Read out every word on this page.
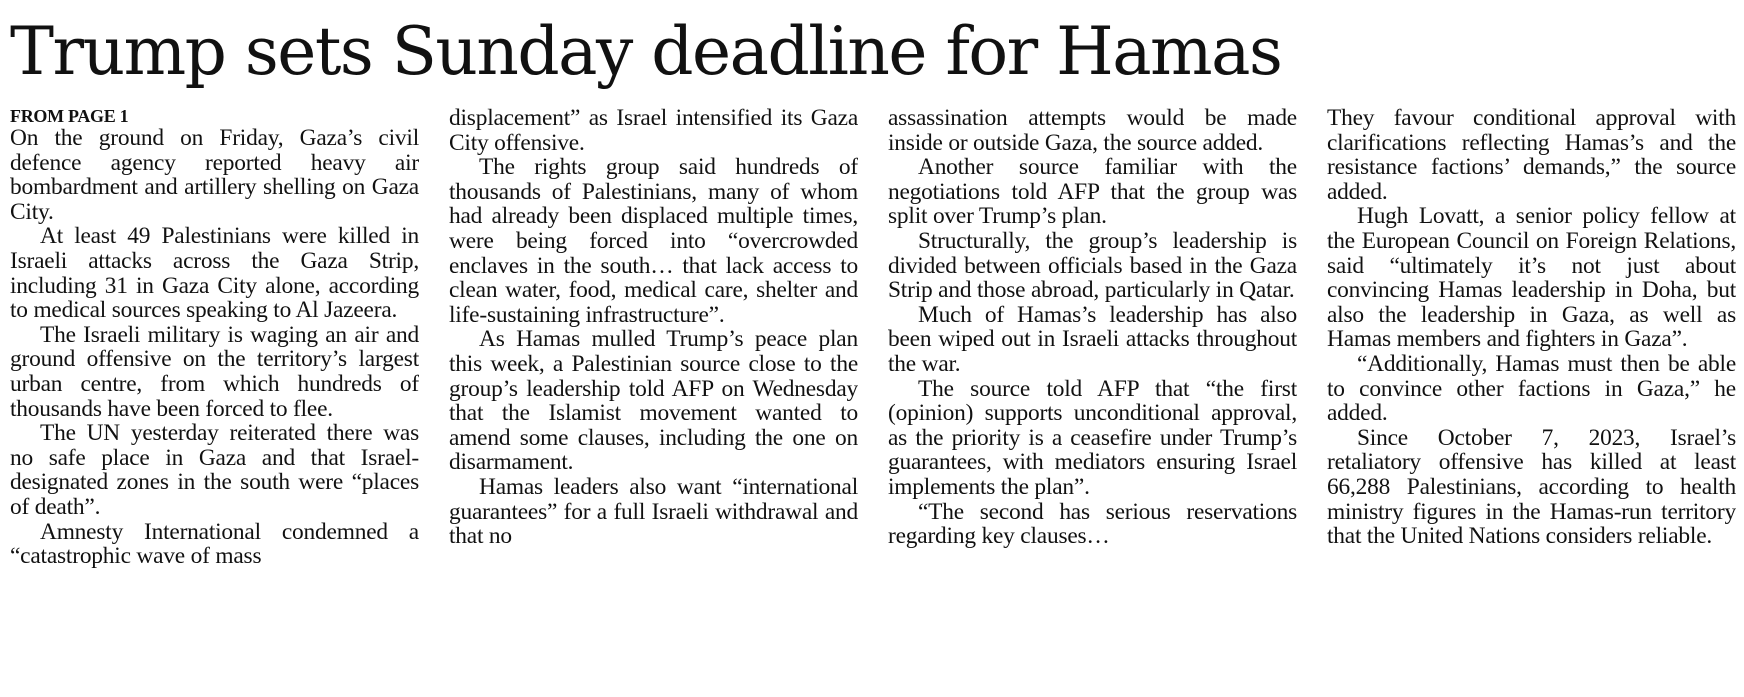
Trump sets Sunday deadline for Hamas

FROM PAGE 1

On the ground on Friday, Gaza’s civil defence agency reported heavy air bombardment and artillery shelling on Gaza City.

At least 49 Palestinians were killed in Israeli attacks across the Gaza Strip, including 31 in Gaza City alone, according to medical sources speaking to Al Jazeera.

The Israeli military is waging an air and ground offensive on the territory’s largest urban centre, from which hundreds of thousands have been forced to flee.

The UN yesterday reiterated there was no safe place in Gaza and that Israel-designated zones in the south were “places of death”.

Amnesty International condemned a “catastrophic wave of mass

displacement” as Israel intensified its Gaza City offensive.

The rights group said hundreds of thousands of Palestinians, many of whom had already been displaced multiple times, were being forced into “overcrowded enclaves in the south… that lack access to clean water, food, medical care, shelter and life-sustaining infrastructure”.

As Hamas mulled Trump’s peace plan this week, a Palestinian source close to the group’s leadership told AFP on Wednesday that the Islamist movement wanted to amend some clauses, including the one on disarmament.

Hamas leaders also want “international guarantees” for a full Israeli withdrawal and that no

assassination attempts would be made inside or outside Gaza, the source added.

Another source familiar with the negotiations told AFP that the group was split over Trump’s plan.

Structurally, the group’s leadership is divided between officials based in the Gaza Strip and those abroad, particularly in Qatar.

Much of Hamas’s leadership has also been wiped out in Israeli attacks throughout the war.

The source told AFP that “the first (opinion) supports unconditional approval, as the priority is a ceasefire under Trump’s guarantees, with mediators ensuring Israel implements the plan”.

“The second has serious reservations regarding key clauses…

They favour conditional approval with clarifications reflecting Hamas’s and the resistance factions’ demands,” the source added.

Hugh Lovatt, a senior policy fellow at the European Council on Foreign Relations, said “ultimately it’s not just about convincing Hamas leadership in Doha, but also the leadership in Gaza, as well as Hamas members and fighters in Gaza”.

“Additionally, Hamas must then be able to convince other factions in Gaza,” he added.

Since October 7, 2023, Israel’s retaliatory offensive has killed at least 66,288 Palestinians, according to health ministry figures in the Hamas-run territory that the United Nations considers reliable.
